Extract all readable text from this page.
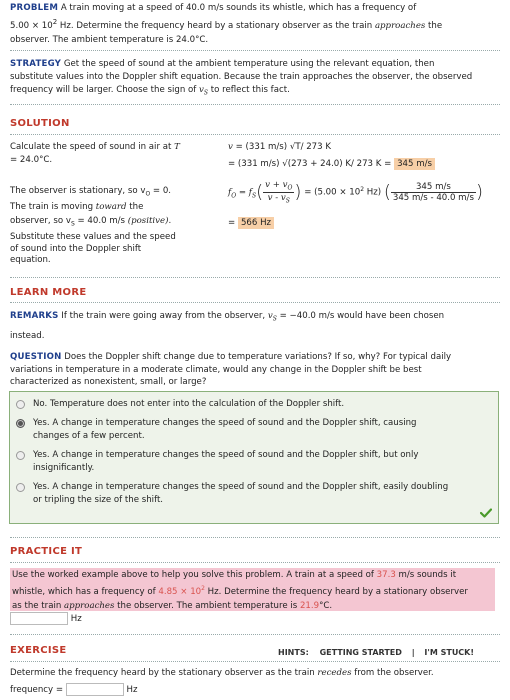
PROBLEM A train moving at a speed of 40.0 m/s sounds its whistle, which has a frequency of
$5.00 \times 10^2$ Hz. Determine the frequency heard by a stationary observer as the train approaches the
observer. The ambient temperature is 24.0°C.
STRATEGY Get the speed of sound at the ambient temperature using the relevant equation, then
substitute values into the Doppler shift equation. Because the train approaches the observer, the observed
frequency will be larger. Choose the sign of $v_S$ to reflect this fact.
SOLUTION
Calculate the speed of sound in air at T
= 24.0°C.
v = (331 m/s) √T/ 273 K
= (331 m/s) √(273 + 24.0) K/ 273 K = 345 m/s
The observer is stationary, so $v_O = 0$.
The train is moving toward the
observer, so $v_S = 40.0$ m/s (positive).
$f_O = f_S( \frac{v + v_O}{v - v_S}$ ) = ($5.00 \times 10^2$ Hz) ( $\frac{345 m/s}{345 m/s - 40.0 m/s}$ )
Substitute these values and the speed
of sound into the Doppler shift
equation.
= 566 Hz
LEARN MORE
REMARKS If the train were going away from the observer, $v_S = -40.0$ m/s would have been chosen
instead.
QUESTION Does the Doppler shift change due to temperature variations? If so, why? For typical daily
variations in temperature in a moderate climate, would any change in the Doppler shift be best
characterized as nonexistent, small, or large?
No. Temperature does not enter into the calculation of the Doppler shift.
Yes. A change in temperature changes the speed of sound and the Doppler shift, causing
changes of a few percent.
Yes. A change in temperature changes the speed of sound and the Doppler shift, but only
insignificantly.
Yes. A change in temperature changes the speed of sound and the Doppler shift, easily doubling
or tripling the size of the shift.
PRACTICE IT
Use the worked example above to help you solve this problem. A train at a speed of 37.3 m/s sounds it
whistle, which has a frequency of $4.85 \times 10^2$ Hz. Determine the frequency heard by a stationary observer
as the train approaches the observer. The ambient temperature is 21.9°C.
Hz
EXERCISE	HINTS: GETTING STARTED | I'M STUCK!
Determine the frequency heard by the stationary observer as the train recedes from the observer.
frequency =	Hz
